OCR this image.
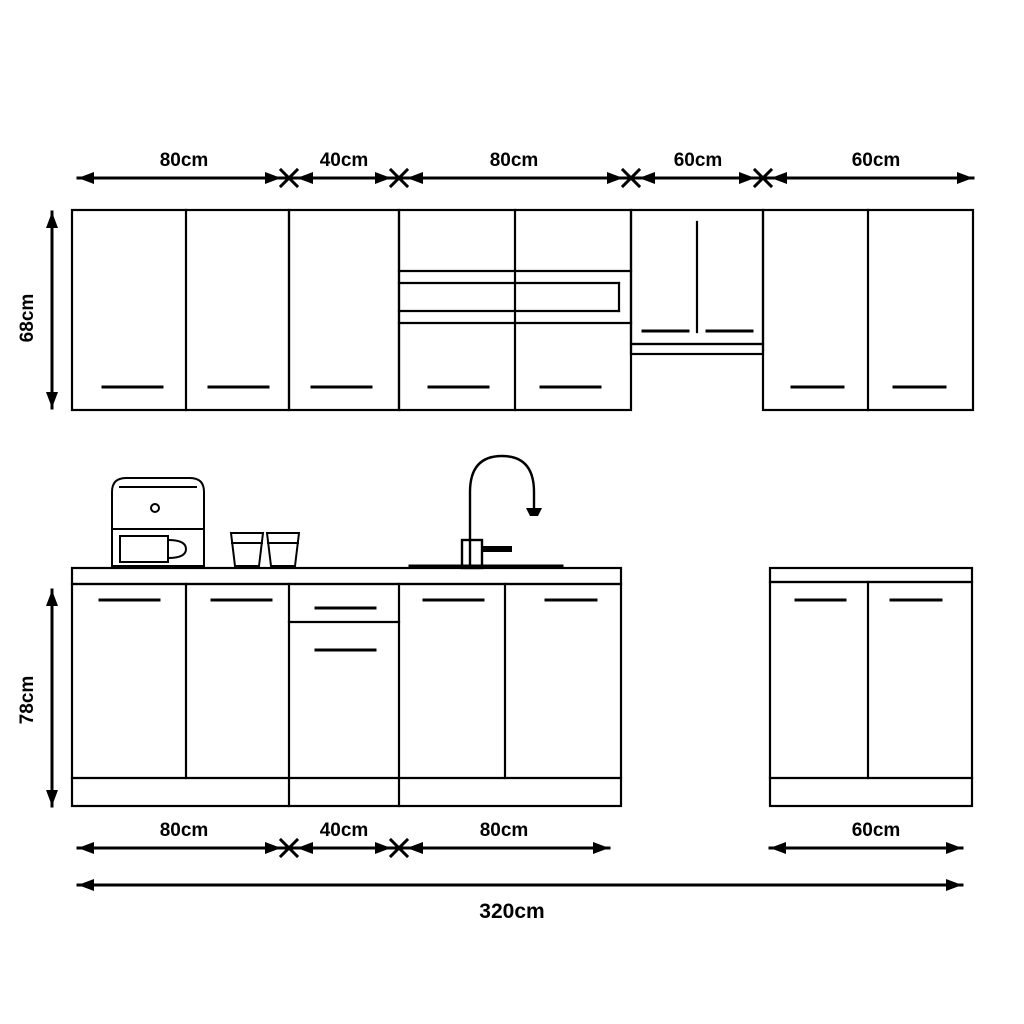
80cm	40cm	80cm	60cm	60cm
80cm	40cm	80cm	60cm
320cm
68cm
78cm
